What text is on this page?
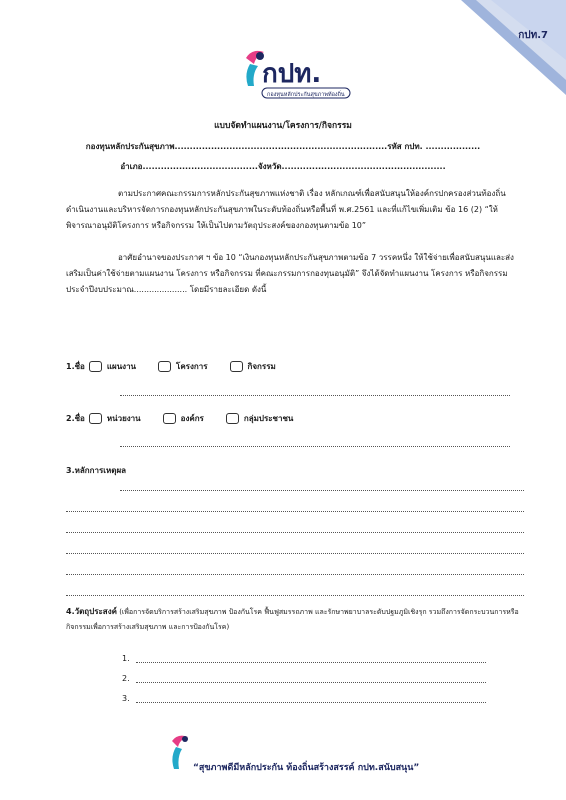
กปท.7
กปท.
กองทุนหลักประกันสุขภาพท้องถิ่น
แบบจัดทำแผนงาน/โครงการ/กิจกรรม
กองทุนหลักประกันสุขภาพ......................................................................รหัส กปท. ..................
อำเภอ......................................จังหวัด......................................................
ตามประกาศคณะกรรมการหลักประกันสุขภาพแห่งชาติ เรื่อง หลักเกณฑ์เพื่อสนับสนุนให้องค์กรปกครองส่วนท้องถิ่นดำเนินงานและบริหารจัดการกองทุนหลักประกันสุขภาพในระดับท้องถิ่นหรือพื้นที่ พ.ศ.2561 และที่แก้ไขเพิ่มเติม ข้อ 16 (2) “ให้พิจารณาอนุมัติโครงการ หรือกิจกรรม ให้เป็นไปตามวัตถุประสงค์ของกองทุนตามข้อ 10”
อาศัยอำนาจของประกาศ ฯ ข้อ 10 “เงินกองทุนหลักประกันสุขภาพตามข้อ 7 วรรคหนึ่ง ให้ใช้จ่ายเพื่อสนับสนุนและส่งเสริมเป็นค่าใช้จ่ายตามแผนงาน โครงการ หรือกิจกรรม ที่คณะกรรมการกองทุนอนุมัติ” จึงได้จัดทำแผนงาน โครงการ หรือกิจกรรม ประจำปีงบประมาณ..................... โดยมีรายละเอียด ดังนี้
1.ชื่อ	แผนงาน	โครงการ	กิจกรรม
2.ชื่อ	หน่วยงาน	องค์กร	กลุ่มประชาชน
3.หลักการเหตุผล
4.วัตถุประสงค์ (เพื่อการจัดบริการสร้างเสริมสุขภาพ ป้องกันโรค ฟื้นฟูสมรรถภาพ และรักษาพยาบาลระดับปฐมภูมิเชิงรุก รวมถึงการจัดกระบวนการหรือกิจกรรมเพื่อการสร้างเสริมสุขภาพ และการป้องกันโรค)
1.
2.
3.
“สุขภาพดีมีหลักประกัน ท้องถิ่นสร้างสรรค์ กปท.สนับสนุน”
